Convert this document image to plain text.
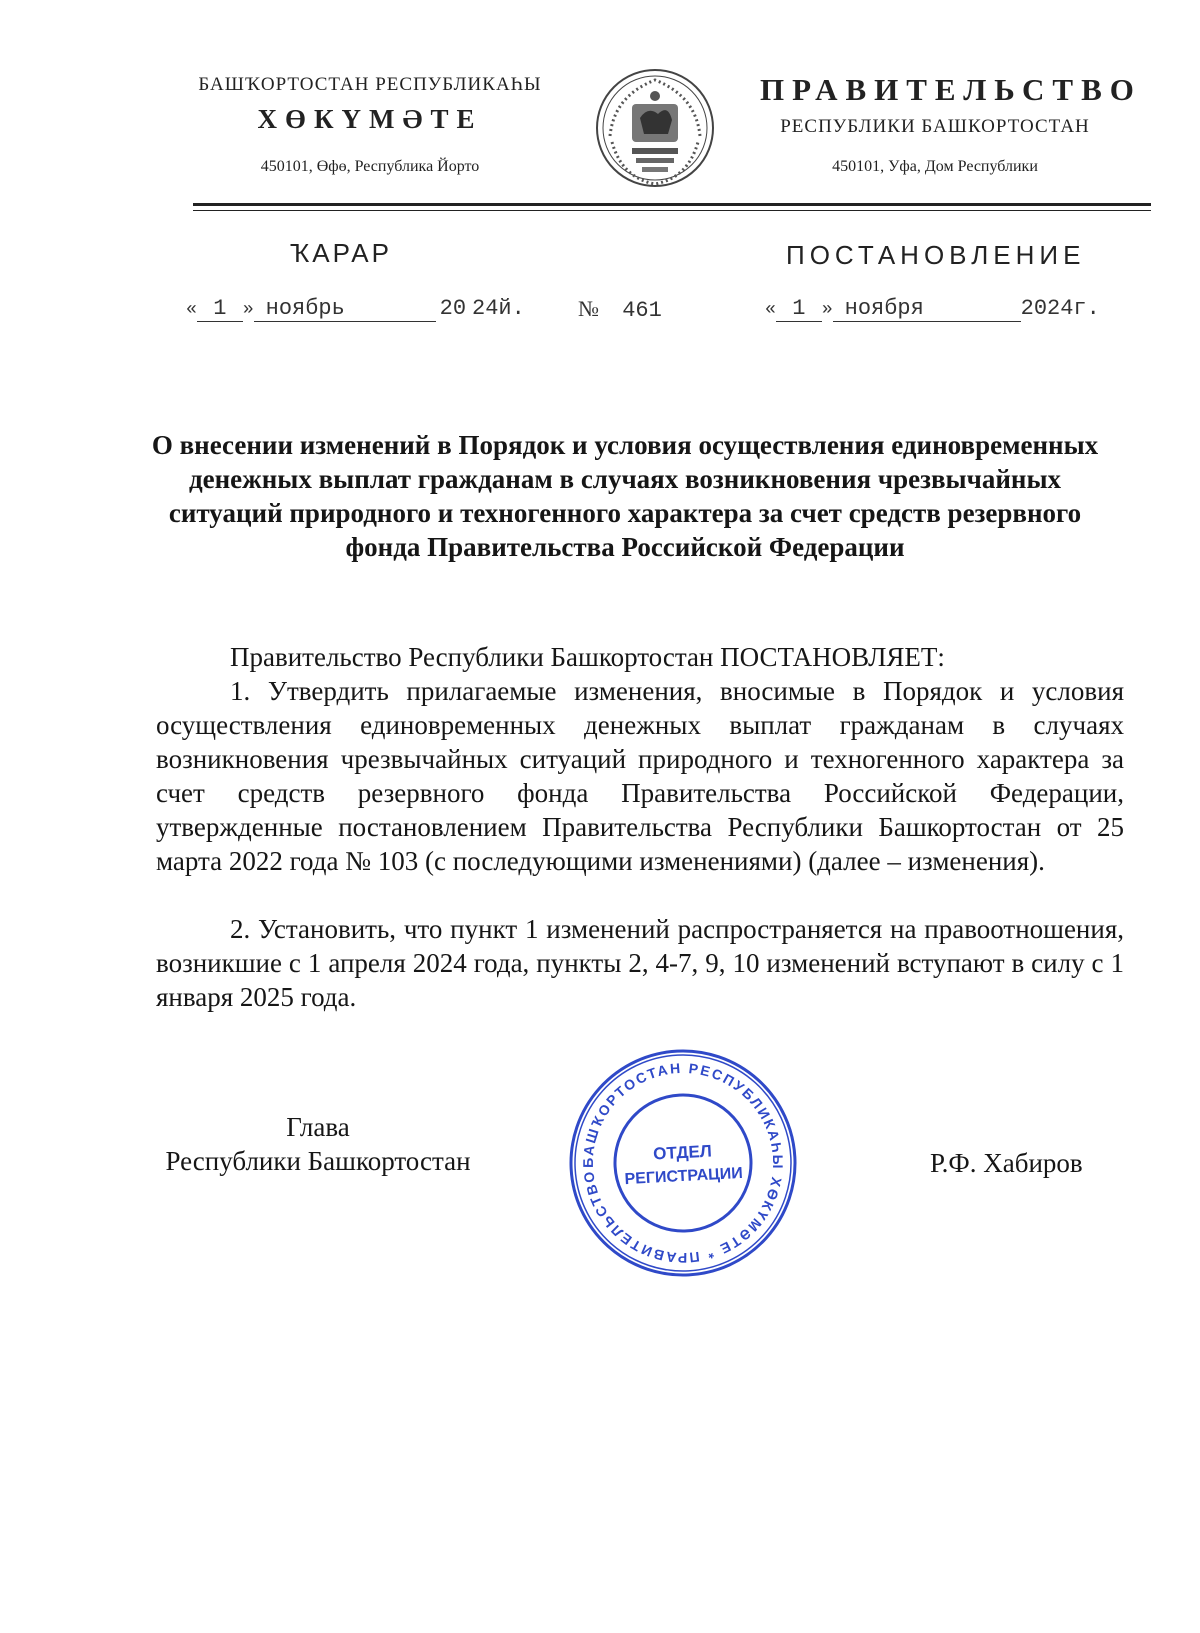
БАШҠОРТОСТАН РЕСПУБЛИКАҺЫ
ХӨКҮМӘТЕ
450101, Өфө, Республика Йорто
ПРАВИТЕЛЬСТВО
РЕСПУБЛИКИ БАШКОРТОСТАН
450101, Уфа, Дом Республики
ҠАРАР	ПОСТАНОВЛЕНИЕ
« 1 » ноябрь	20 24й. № 461	« 1 » ноября	2024г.
О внесении изменений в Порядок и условия осуществления единовременных денежных выплат гражданам в случаях возникновения чрезвычайных ситуаций природного и техногенного характера за счет средств резервного фонда Правительства Российской Федерации
Правительство Республики Башкортостан ПОСТАНОВЛЯЕТ:
1. Утвердить прилагаемые изменения, вносимые в Порядок и условия осуществления единовременных денежных выплат гражданам в случаях возникновения чрезвычайных ситуаций природного и техногенного характера за счет средств резервного фонда Правительства Российской Федерации, утвержденные постановлением Правительства Республики Башкортостан от 25 марта 2022 года № 103 (с последующими изменениями) (далее – изменения).
2. Установить, что пункт 1 изменений распространяется на правоотношения, возникшие с 1 апреля 2024 года, пункты 2, 4-7, 9, 10 изменений вступают в силу с 1 января 2025 года.
Глава
Республики Башкортостан	Р.Ф. Хабиров
БАШҠОРТОСТАН РЕСПУБЛИКАҺЫ ХӨКҮМӘТЕ * ПРАВИТЕЛЬСТВО РЕСПУБЛИКИ БАШКОРТОСТАН *
ОТДЕЛ
РЕГИСТРАЦИИ
